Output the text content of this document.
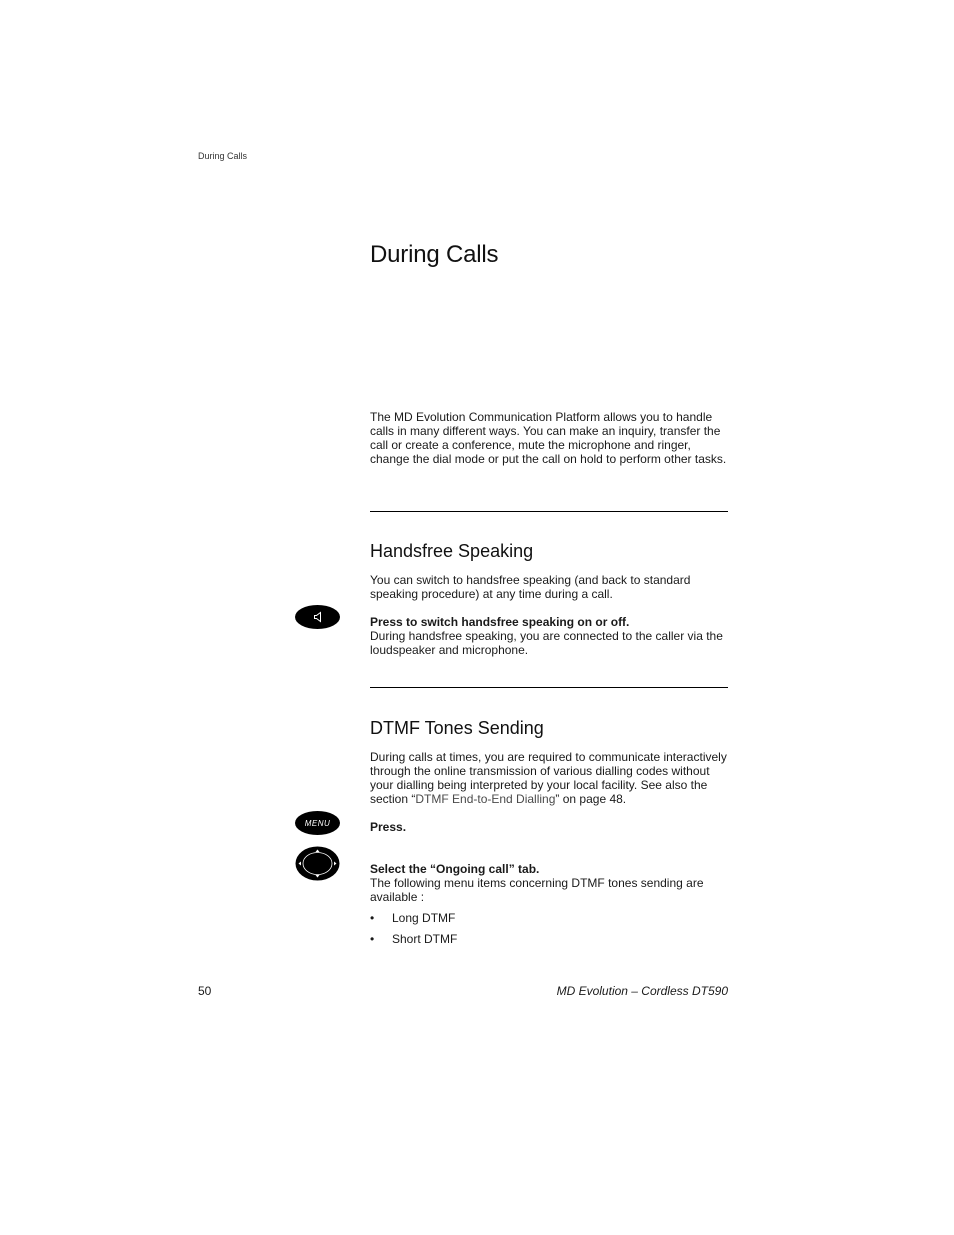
During Calls
During Calls

The MD Evolution Communication Platform allows you to handle calls in many different ways. You can make an inquiry, transfer the call or create a conference, mute the microphone and ringer, change the dial mode or put the call on hold to perform other tasks.

Handsfree Speaking

You can switch to handsfree speaking (and back to standard speaking procedure) at any time during a call.

Press to switch handsfree speaking on or off.
During handsfree speaking, you are connected to the caller via the loudspeaker and microphone.
DTMF Tones Sending

During calls at times, you are required to communicate interactively through the online transmission of various dialling codes without your dialling being interpreted by your local facility. See also the section “DTMF End-to-End Dialling” on page 48.

MENU	Press.
Select the “Ongoing call” tab.
The following menu items concerning DTMF tones sending are available :
• Long DTMF
• Short DTMF
50	MD Evolution – Cordless DT590
